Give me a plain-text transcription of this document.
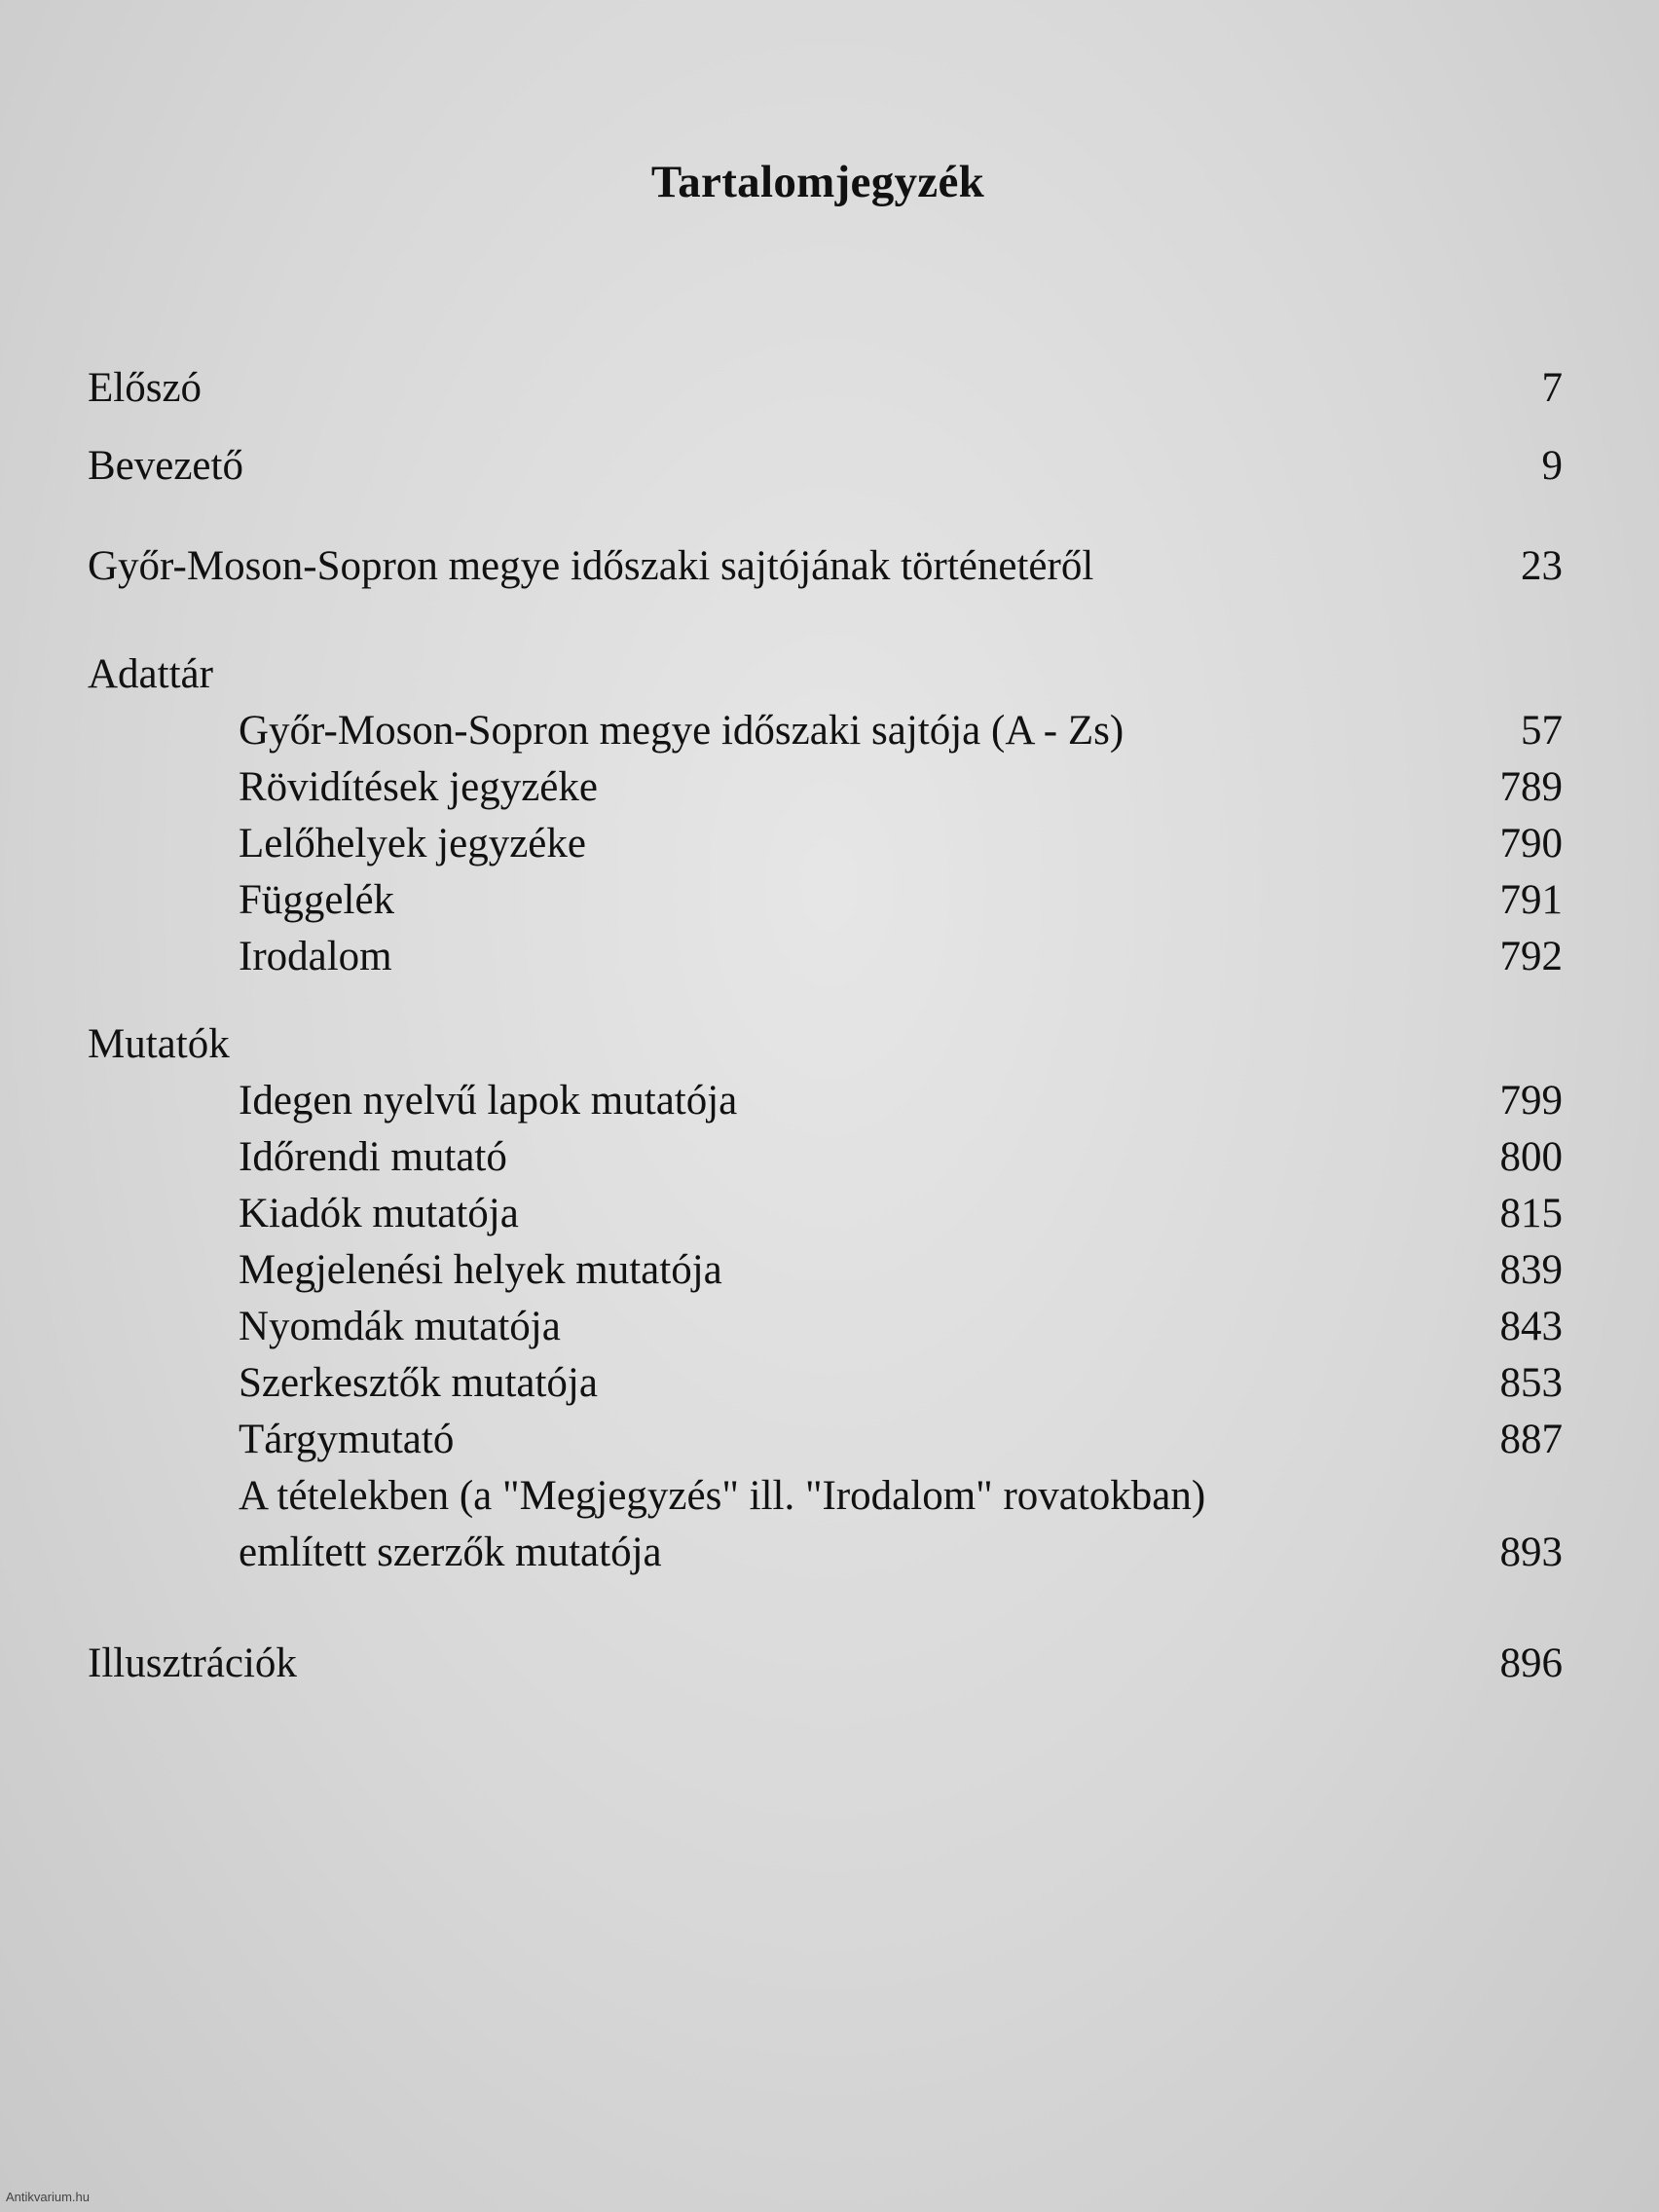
Tartalomjegyzék
Előszó	7
Bevezető	9
Győr-Moson-Sopron megye időszaki sajtójának történetéről	23
Adattár
Győr-Moson-Sopron megye időszaki sajtója (A - Zs)	57
Rövidítések jegyzéke	789
Lelőhelyek jegyzéke	790
Függelék	791
Irodalom	792
Mutatók
Idegen nyelvű lapok mutatója	799
Időrendi mutató	800
Kiadók mutatója	815
Megjelenési helyek mutatója	839
Nyomdák mutatója	843
Szerkesztők mutatója	853
Tárgymutató	887
A tételekben (a "Megjegyzés" ill. "Irodalom" rovatokban)
említett szerzők mutatója	893
Illusztrációk	896
Antikvarium.hu
